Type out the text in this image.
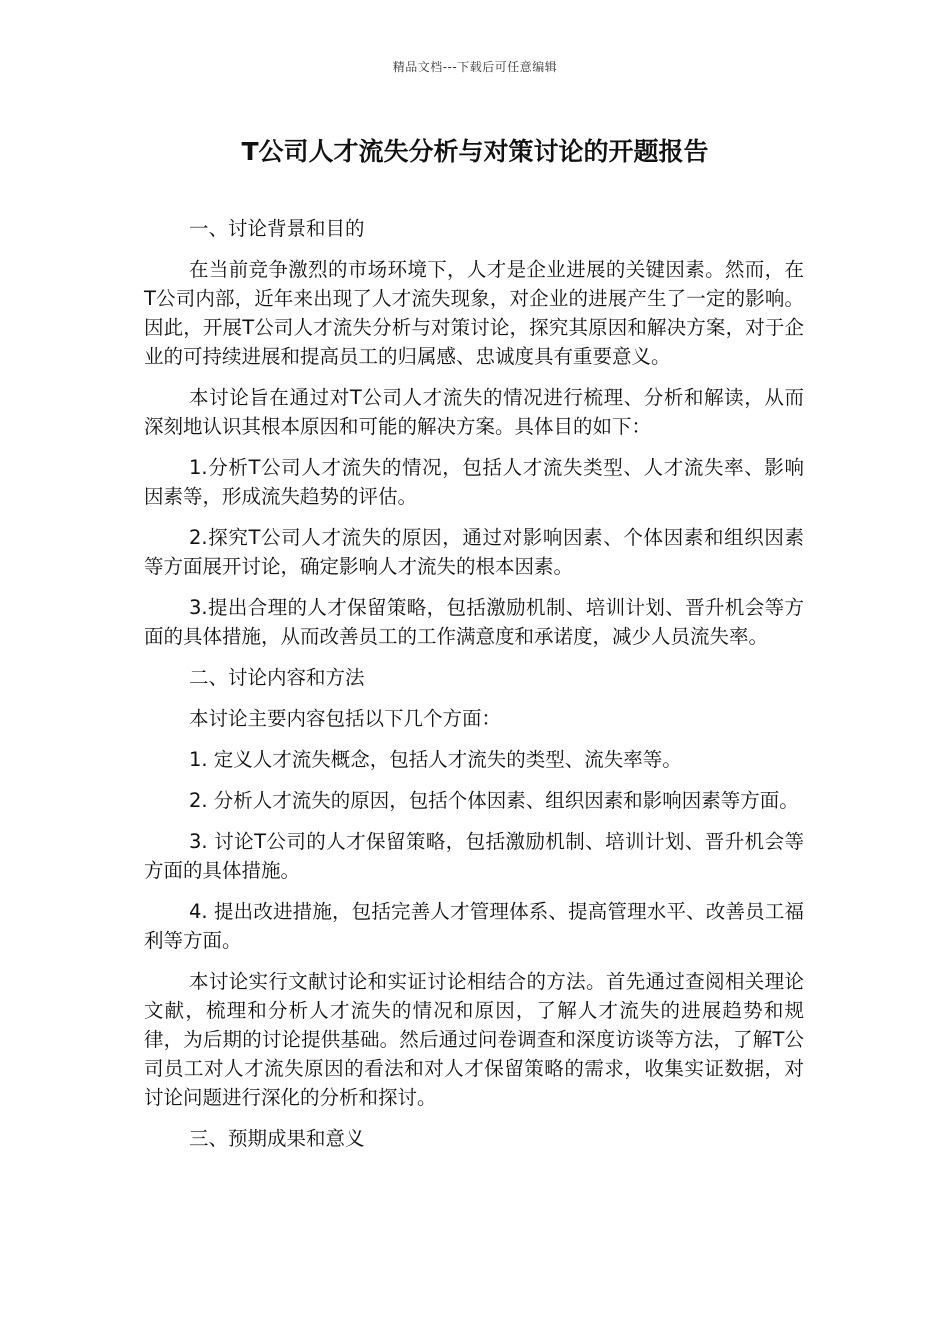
精品文档---下载后可任意编辑
T公司人才流失分析与对策讨论的开题报告

一、讨论背景和目的

在当前竞争激烈的市场环境下，人才是企业进展的关键因素。然而，在T公司内部，近年来出现了人才流失现象，对企业的进展产生了一定的影响。因此，开展T公司人才流失分析与对策讨论，探究其原因和解决方案，对于企业的可持续进展和提高员工的归属感、忠诚度具有重要意义。

本讨论旨在通过对T公司人才流失的情况进行梳理、分析和解读，从而深刻地认识其根本原因和可能的解决方案。具体目的如下：

1.分析T公司人才流失的情况，包括人才流失类型、人才流失率、影响因素等，形成流失趋势的评估。

2.探究T公司人才流失的原因，通过对影响因素、个体因素和组织因素等方面展开讨论，确定影响人才流失的根本因素。

3.提出合理的人才保留策略，包括激励机制、培训计划、晋升机会等方面的具体措施，从而改善员工的工作满意度和承诺度，减少人员流失率。

二、讨论内容和方法

本讨论主要内容包括以下几个方面：

1. 定义人才流失概念，包括人才流失的类型、流失率等。

2. 分析人才流失的原因，包括个体因素、组织因素和影响因素等方面。

3. 讨论T公司的人才保留策略，包括激励机制、培训计划、晋升机会等方面的具体措施。

4. 提出改进措施，包括完善人才管理体系、提高管理水平、改善员工福利等方面。

本讨论实行文献讨论和实证讨论相结合的方法。首先通过查阅相关理论文献，梳理和分析人才流失的情况和原因，了解人才流失的进展趋势和规律，为后期的讨论提供基础。然后通过问卷调查和深度访谈等方法，了解T公司员工对人才流失原因的看法和对人才保留策略的需求，收集实证数据，对讨论问题进行深化的分析和探讨。

三、预期成果和意义
